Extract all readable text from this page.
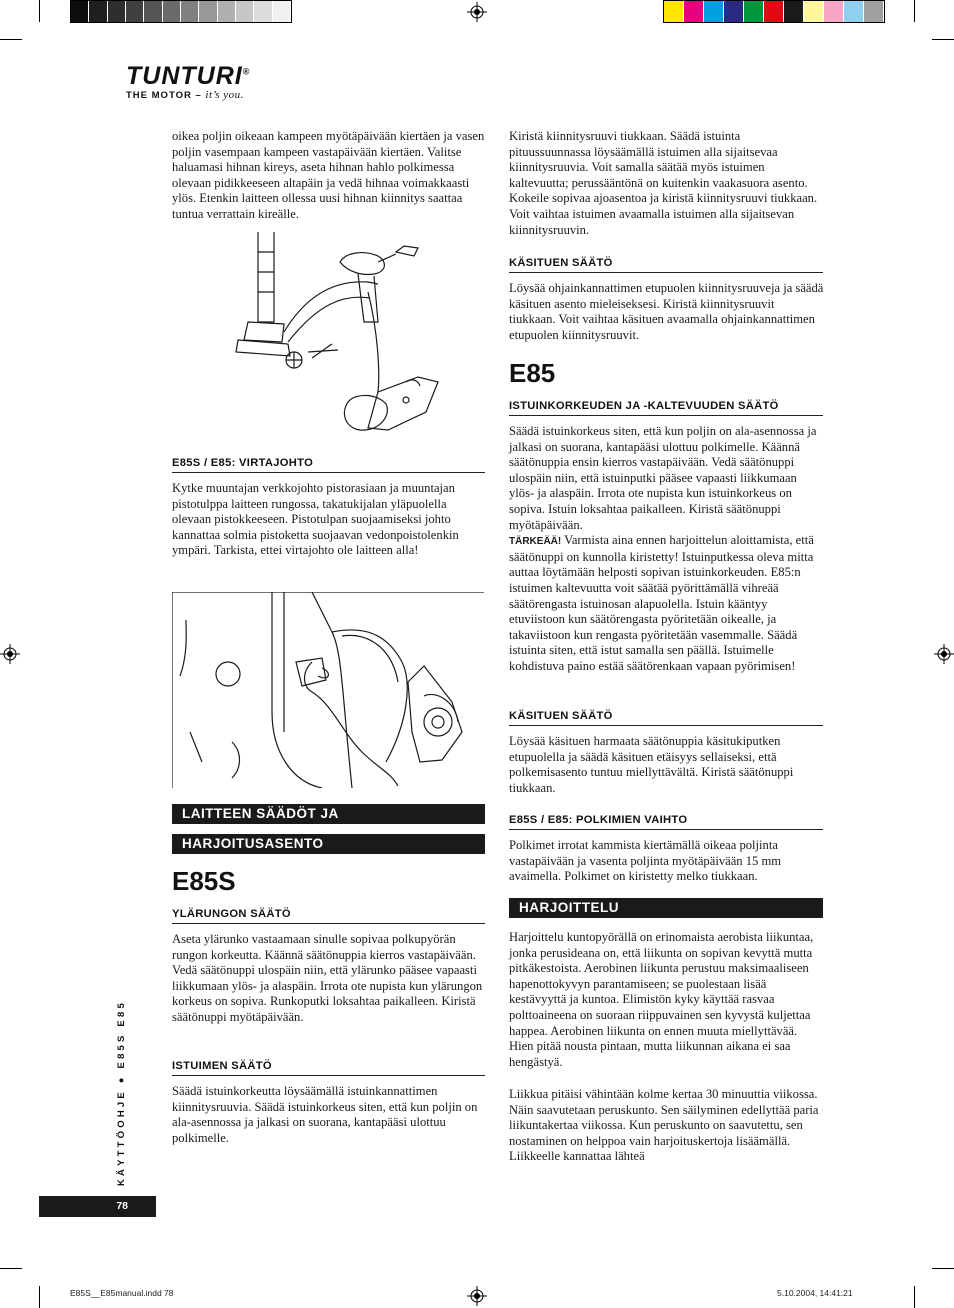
TUNTURI®
THE MOTOR – it’s you.

oikea poljin oikeaan kampeen myötäpäivään kiertäen ja vasen poljin vasempaan kampeen vastapäivään kiertäen. Valitse haluamasi hihnan kireys, aseta hihnan hahlo polkimessa olevaan pidikkeeseen altapäin ja vedä hihnaa voimakkaasti ylös. Etenkin laitteen ollessa uusi hihnan kiinnitys saattaa tuntua verrattain kireälle.

E85S / E85: VIRTAJOHTO

Kytke muuntajan verkkojohto pistorasiaan ja muuntajan pistotulppa laitteen rungossa, takatukijalan yläpuolella olevaan pistokkeeseen. Pistotulpan suojaamiseksi johto kannattaa solmia pistoketta suojaavan vedonpoistolenkin ympäri. Tarkista, ettei virtajohto ole laitteen alla!

LAITTEEN SÄÄDÖT JA
HARJOITUSASENTO
E85S
YLÄRUNGON SÄÄTÖ

Aseta ylärunko vastaamaan sinulle sopivaa polkupyörän rungon korkeutta. Käännä säätönuppia kierros vastapäivään. Vedä säätönuppi ulospäin niin, että ylärunko pääsee vapaasti liikkumaan ylös- ja alaspäin. Irrota ote nupista kun ylärungon korkeus on sopiva. Runkoputki loksahtaa paikalleen. Kiristä säätönuppi myötäpäivään.

ISTUIMEN SÄÄTÖ

Säädä istuinkorkeutta löysäämällä istuinkannattimen kiinnitysruuvia. Säädä istuinkorkeus siten, että kun poljin on ala-asennossa ja jalkasi on suorana, kantapääsi ulottuu polkimelle.

Kiristä kiinnitysruuvi tiukkaan. Säädä istuinta pituussuunnassa löysäämällä istuimen alla sijaitsevaa kiinnitysruuvia. Voit samalla säätää myös istuimen kaltevuutta; perussääntönä on kuitenkin vaakasuora asento. Kokeile sopivaa ajoasentoa ja kiristä kiinnitysruuvi tiukkaan. Voit vaihtaa istuimen avaamalla istuimen alla sijaitsevan kiinnitysruuvin.

KÄSITUEN SÄÄTÖ

Löysää ohjainkannattimen etupuolen kiinnitysruuveja ja säädä käsituen asento mieleiseksesi. Kiristä kiinnitysruuvit tiukkaan. Voit vaihtaa käsituen avaamalla ohjainkannattimen etupuolen kiinnitysruuvit.

E85
ISTUINKORKEUDEN JA -KALTEVUUDEN SÄÄTÖ

Säädä istuinkorkeus siten, että kun poljin on ala-asennossa ja jalkasi on suorana, kantapääsi ulottuu polkimelle. Käännä säätönuppia ensin kierros vastapäivään. Vedä säätönuppi ulospäin niin, että istuinputki pääsee vapaasti liikkumaan ylös- ja alaspäin. Irrota ote nupista kun istuinkorkeus on sopiva. Istuin loksahtaa paikalleen. Kiristä säätönuppi myötäpäivään.

TÄRKEÄÄ! Varmista aina ennen harjoittelun aloittamista, että säätönuppi on kunnolla kiristetty! Istuinputkessa oleva mitta auttaa löytämään helposti sopivan istuinkorkeuden. E85:n istuimen kaltevuutta voit säätää pyörittämällä vihreää säätörengasta istuinosan alapuolella. Istuin kääntyy etuviistoon kun säätörengasta pyöritetään oikealle, ja takaviistoon kun rengasta pyöritetään vasemmalle. Säädä istuinta siten, että istut samalla sen päällä. Istuimelle kohdistuva paino estää säätörenkaan vapaan pyörimisen!

KÄSITUEN SÄÄTÖ

Löysää käsituen harmaata säätönuppia käsitukiputken etupuolella ja säädä käsituen etäisyys sellaiseksi, että polkemisasento tuntuu miellyttävältä. Kiristä säätönuppi tiukkaan.

E85S / E85: POLKIMIEN VAIHTO

Polkimet irrotat kammista kiertämällä oikeaa poljinta vastapäivään ja vasenta poljinta myötäpäivään 15 mm avaimella. Polkimet on kiristetty melko tiukkaan.

HARJOITTELU

Harjoittelu kuntopyörällä on erinomaista aerobista liikuntaa, jonka perusideana on, että liikunta on sopivan kevyttä mutta pitkäkestoista. Aerobinen liikunta perustuu maksimaaliseen hapenottokyvyn parantamiseen; se puolestaan lisää kestävyyttä ja kuntoa. Elimistön kyky käyttää rasvaa polttoaineena on suoraan riippuvainen sen kyvystä kuljettaa happea. Aerobinen liikunta on ennen muuta miellyttävää. Hien pitää nousta pintaan, mutta liikunnan aikana ei saa hengästyä.

Liikkua pitäisi vähintään kolme kertaa 30 minuuttia viikossa. Näin saavutetaan peruskunto. Sen säilyminen edellyttää paria liikuntakertaa viikossa. Kun peruskunto on saavutettu, sen nostaminen on helppoa vain harjoituskertoja lisäämällä. Liikkeelle kannattaa lähteä

KÄYTTÖOHJE ● E85S E85
78
E85S__E85manual.indd 78	5.10.2004, 14:41:21
